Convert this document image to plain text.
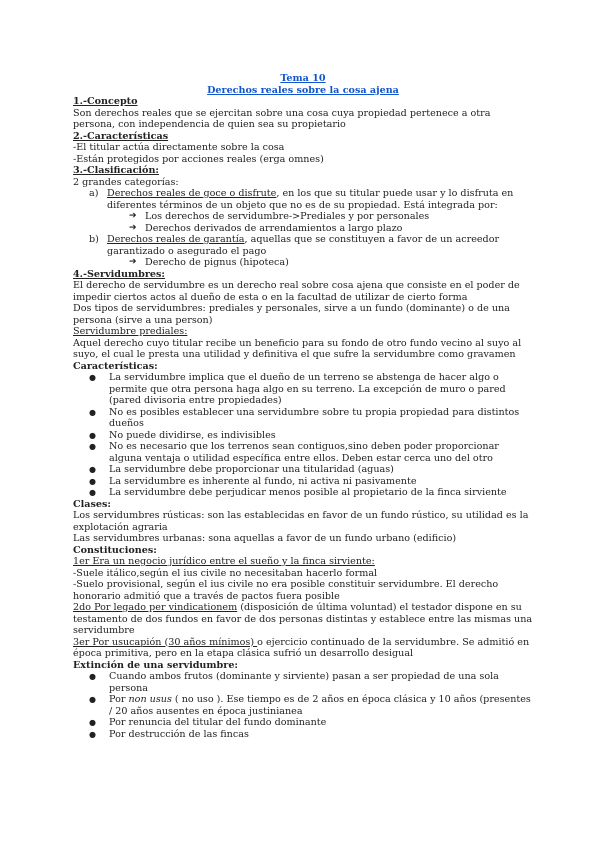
Tema 10
Derechos reales sobre la cosa ajena
1.-Concepto

Son derechos reales que se ejercitan sobre una cosa cuya propiedad pertenece a otra persona, con independencia de quien sea su propietario

2.-Características

-El titular actúa directamente sobre la cosa

-Están protegidos por acciones reales (erga omnes)

3.-Clasificación:

2 grandes categorías:

a) Derechos reales de goce o disfrute, en los que su titular puede usar y lo disfruta en diferentes términos de un objeto que no es de su propiedad. Está integrada por:
➔ Los derechos de servidumbre->Prediales y por personales
➔ Derechos derivados de arrendamientos a largo plazo
b) Derechos reales de garantía, aquellas que se constituyen a favor de un acreedor garantizado o asegurado el pago
➔ Derecho de pignus (hipoteca)
4.-Servidumbres:

El derecho de servidumbre es un derecho real sobre cosa ajena que consiste en el poder de impedir ciertos actos al dueño de esta o en la facultad de utilizar de cierto forma

Dos tipos de servidumbres: prediales y personales, sirve a un fundo (dominante) o de una persona (sirve a una person)

Servidumbre prediales:

Aquel derecho cuyo titular recibe un beneficio para su fondo de otro fundo vecino al suyo al suyo, el cual le presta una utilidad y definitiva el que sufre la servidumbre como gravamen

Características:
●	La servidumbre implica que el dueño de un terreno se abstenga de hacer algo o permite que otra persona haga algo en su terreno. La excepción de muro o pared (pared divisoria entre propiedades)
●	No es posibles establecer una servidumbre sobre tu propia propiedad para distintos dueños
●	No puede dividirse, es indivisibles
●	No es necesario que los terrenos sean contiguos,sino deben poder proporcionar alguna ventaja o utilidad específica entre ellos. Deben estar cerca uno del otro
●	La servidumbre debe proporcionar una titularidad (aguas)
●	La servidumbre es inherente al fundo, ni activa ni pasivamente
●	La servidumbre debe perjudicar menos posible al propietario de la finca sirviente
Clases:

Los servidumbres rústicas: son las establecidas en favor de un fundo rústico, su utilidad es la explotación agraria

Las servidumbres urbanas: sona aquellas a favor de un fundo urbano (edificio)

Constituciones:
1er Era un negocio jurídico entre el sueño y la finca sirviente:

-Suele itálico,según el ius civile no necesitaban hacerlo formal

-Suelo provisional, según el ius civile no era posible constituir servidumbre. El derecho honorario admitió que a través de pactos fuera posible

2do Por legado per vindicationem (disposición de última voluntad) el testador dispone en su testamento de dos fundos en favor de dos personas distintas y establece entre las mismas una servidumbre

3er Por usucapión (30 años mínimos) o ejercicio continuado de la servidumbre. Se admitió en época primitiva, pero en la etapa clásica sufrió un desarrollo desigual

Extinción de una servidumbre:
●	Cuando ambos frutos (dominante y sirviente) pasan a ser propiedad de una sola persona
●	Por non usus ( no uso ). Ese tiempo es de 2 años en época clásica y 10 años (presentes / 20 años ausentes en época justinianea
●	Por renuncia del titular del fundo dominante
●	Por destrucción de las fincas
